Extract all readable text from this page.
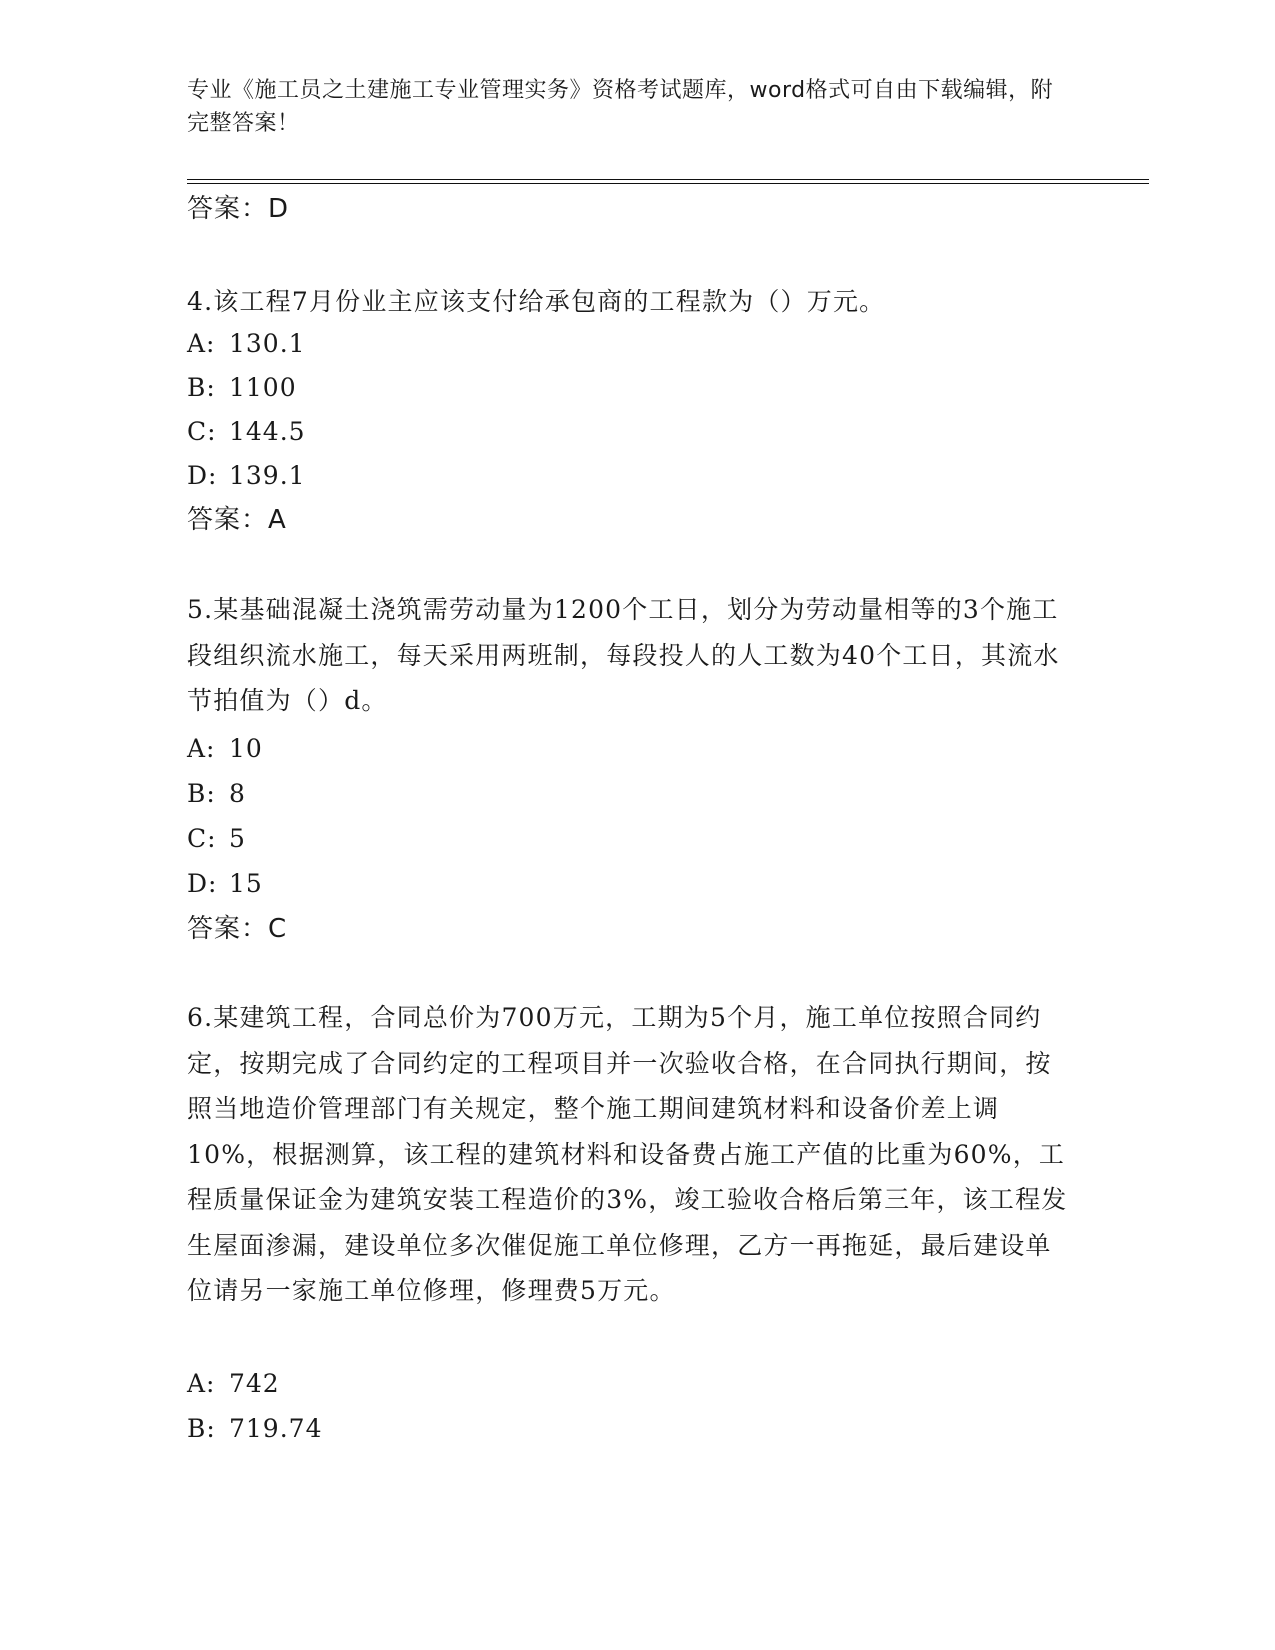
专业《施工员之土建施工专业管理实务》资格考试题库，word格式可自由下载编辑，附完整答案！
答案：D
4.该工程7月份业主应该支付给承包商的工程款为（）万元。
A: 130.1
B: 1100
C: 144.5
D: 139.1
答案：A
5.某基础混凝土浇筑需劳动量为1200个工日，划分为劳动量相等的3个施工段组织流水施工，每天采用两班制，每段投人的人工数为40个工日，其流水节拍值为（）d。
A: 10
B: 8
C: 5
D: 15
答案：C
6.某建筑工程，合同总价为700万元，工期为5个月，施工单位按照合同约定，按期完成了合同约定的工程项目并一次验收合格，在合同执行期间，按照当地造价管理部门有关规定，整个施工期间建筑材料和设备价差上调10%，根据测算，该工程的建筑材料和设备费占施工产值的比重为60%，工程质量保证金为建筑安装工程造价的3%，竣工验收合格后第三年，该工程发生屋面渗漏，建设单位多次催促施工单位修理，乙方一再拖延，最后建设单位请另一家施工单位修理，修理费5万元。
A: 742
B: 719.74
